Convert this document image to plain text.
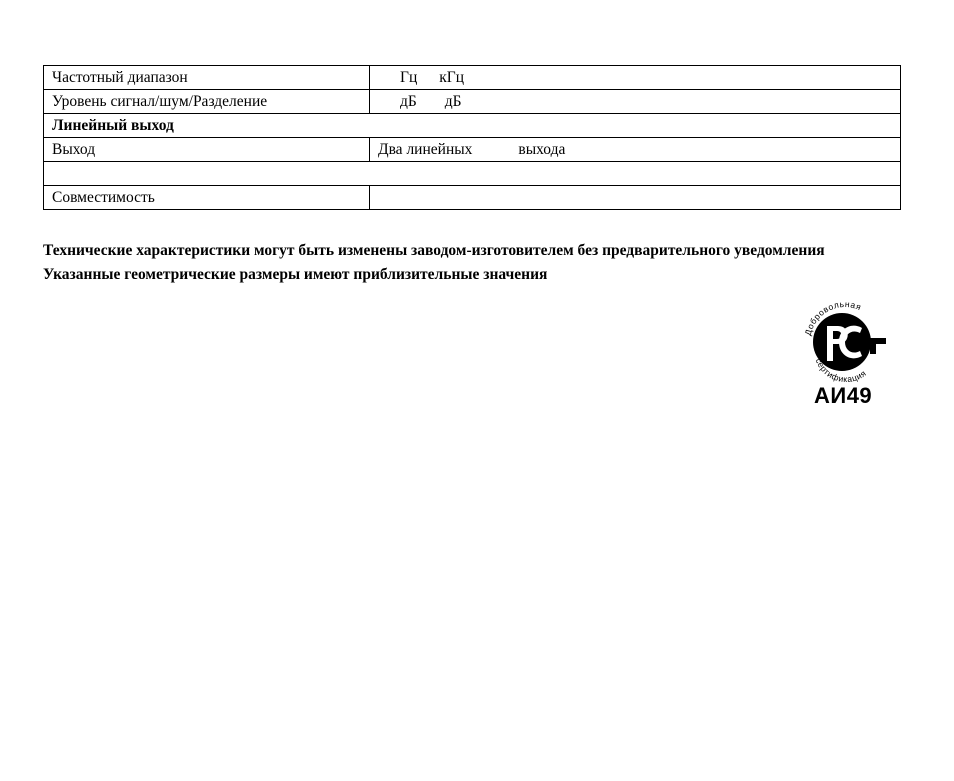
Частотный диапазон	Гц кГц
Уровень сигнал/шум/Разделение	дБ дБ
Линейный выход	
Выход	Два линейных выхода

Совместимость	
Технические характеристики могут быть изменены заводом-изготовителем без предварительного уведомления
Указанные геометрические размеры имеют приблизительные значения
Добровольная
сертификация
АИ49
